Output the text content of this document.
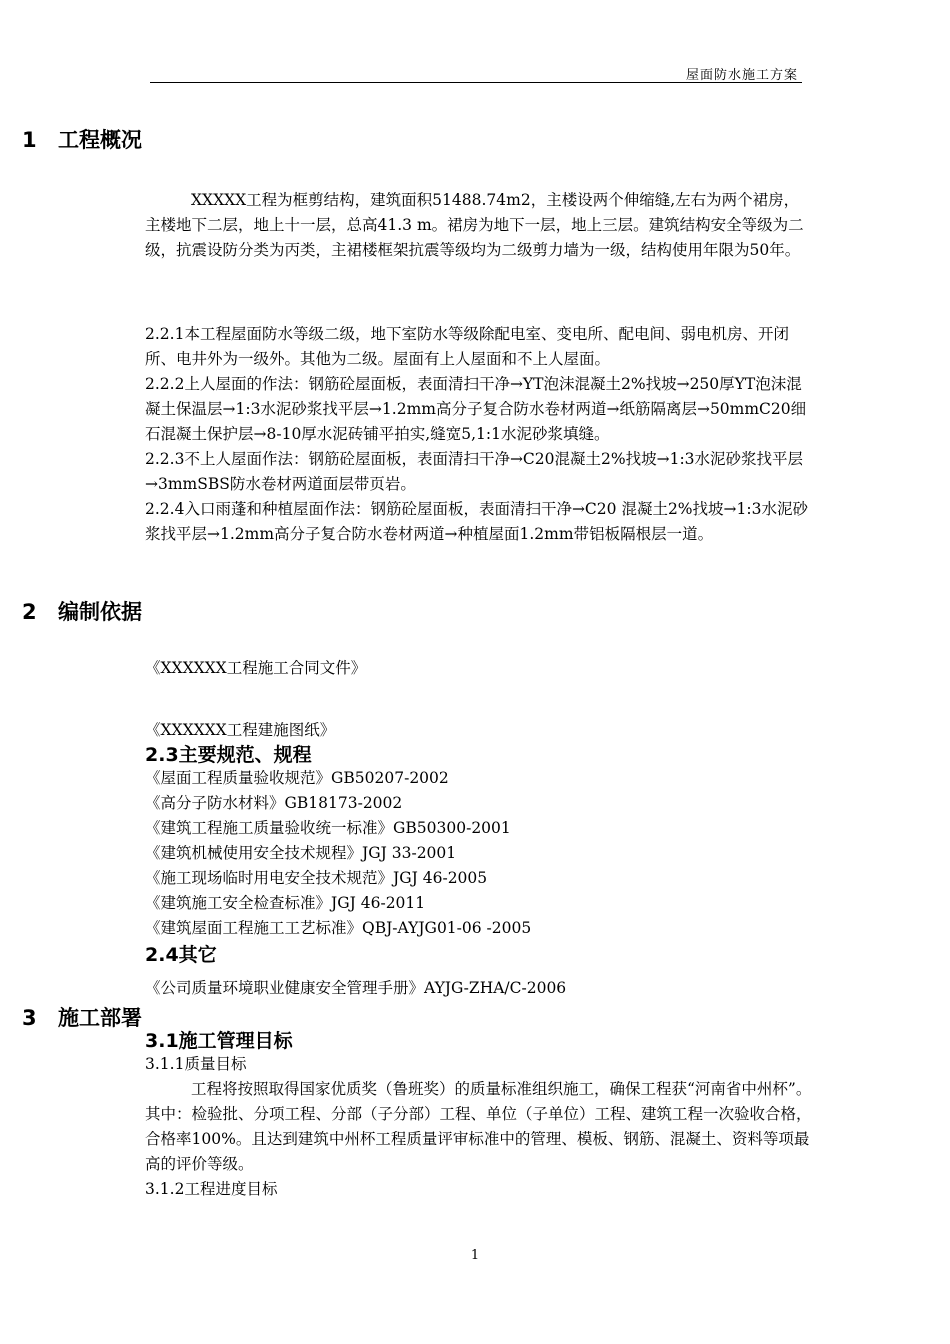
屋面防水施工方案
1 工程概况
XXXXX工程为框剪结构，建筑面积51488.74m2，主楼设两个伸缩缝,左右为两个裙房，主楼地下二层，地上十一层，总高41.3 m。裙房为地下一层，地上三层。建筑结构安全等级为二级，抗震设防分类为丙类，主裙楼框架抗震等级均为二级剪力墙为一级，结构使用年限为50年。
2.2.1本工程屋面防水等级二级，地下室防水等级除配电室、变电所、配电间、弱电机房、开闭所、电井外为一级外。其他为二级。屋面有上人屋面和不上人屋面。
2.2.2上人屋面的作法：钢筋砼屋面板，表面清扫干净→YT泡沫混凝土2%找坡→250厚YT泡沫混凝土保温层→1:3水泥砂浆找平层→1.2mm高分子复合防水卷材两道→纸筋隔离层→50mmC20细石混凝土保护层→8-10厚水泥砖铺平拍实,缝宽5,1:1水泥砂浆填缝。
2.2.3不上人屋面作法：钢筋砼屋面板，表面清扫干净→C20混凝土2%找坡→1:3水泥砂浆找平层→3mmSBS防水卷材两道面层带页岩。
2.2.4入口雨蓬和种植屋面作法：钢筋砼屋面板，表面清扫干净→C20 混凝土2%找坡→1:3水泥砂浆找平层→1.2mm高分子复合防水卷材两道→种植屋面1.2mm带铝板隔根层一道。
2 编制依据
《XXXXXX工程施工合同文件》
《XXXXXX工程建施图纸》
2.3主要规范、规程
《屋面工程质量验收规范》GB50207-2002
《高分子防水材料》GB18173-2002
《建筑工程施工质量验收统一标准》GB50300-2001
《建筑机械使用安全技术规程》JGJ 33-2001
《施工现场临时用电安全技术规范》JGJ 46-2005
《建筑施工安全检查标准》JGJ 46-2011
《建筑屋面工程施工工艺标准》QBJ-AYJG01-06 -2005
2.4其它
《公司质量环境职业健康安全管理手册》AYJG-ZHA/C-2006
3 施工部署
3.1施工管理目标
3.1.1质量目标
工程将按照取得国家优质奖（鲁班奖）的质量标准组织施工，确保工程获“河南省中州杯”。其中：检验批、分项工程、分部（子分部）工程、单位（子单位）工程、建筑工程一次验收合格，合格率100%。且达到建筑中州杯工程质量评审标准中的管理、模板、钢筋、混凝土、资料等项最高的评价等级。
3.1.2工程进度目标
1
